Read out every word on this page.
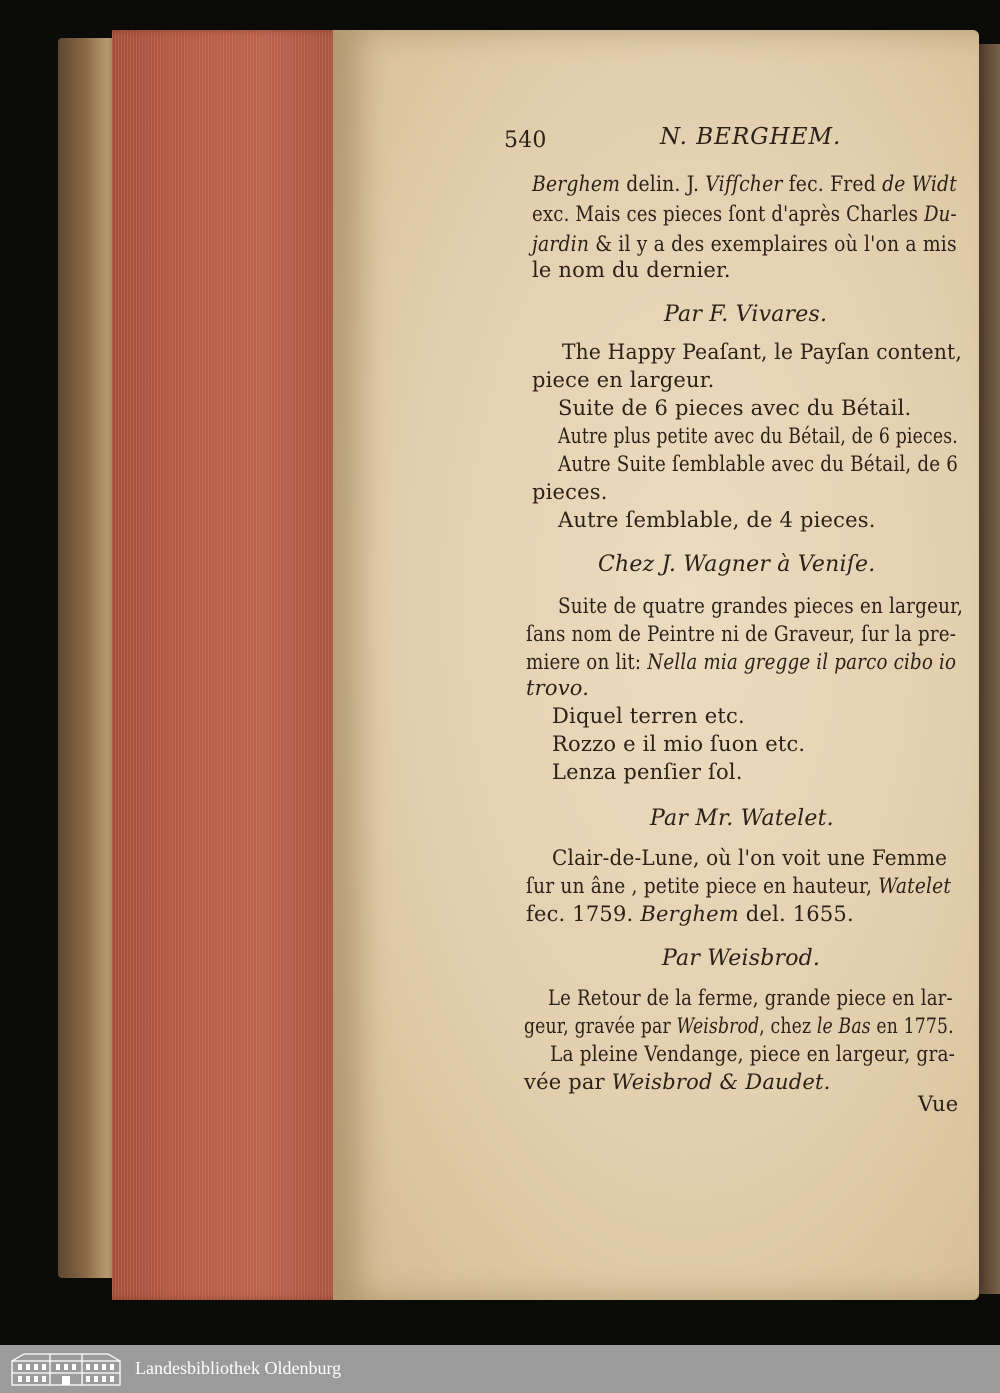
540	N. BERGHEM.
Berghem delin. J. Vifſcher fec. Fred de Widt
exc. Mais ces pieces ſont d'après Charles Du-
jardin & il y a des exemplaires où l'on a mis
le nom du dernier.
Par F. Vivares.
The Happy Peaſant, le Payſan content,
piece en largeur.
Suite de 6 pieces avec du Bétail.
Autre plus petite avec du Bétail, de 6 pieces.
Autre Suite ſemblable avec du Bétail, de 6
pieces.
Autre ſemblable, de 4 pieces.
Chez J. Wagner à Veniſe.
Suite de quatre grandes pieces en largeur,
ſans nom de Peintre ni de Graveur, ſur la pre-
miere on lit: Nella mia gregge il parco cibo io
trovo.
Diquel terren etc.
Rozzo e il mio ſuon etc.
Lenza penſier ſol.
Par Mr. Watelet.
Clair-de-Lune, où l'on voit une Femme
ſur un âne , petite piece en hauteur, Watelet
fec. 1759. Berghem del. 1655.
Par Weisbrod.
Le Retour de la ferme, grande piece en lar-
geur, gravée par Weisbrod, chez le Bas en 1775.
La pleine Vendange, piece en largeur, gra-
vée par Weisbrod & Daudet.
Vue
Landesbibliothek Oldenburg
